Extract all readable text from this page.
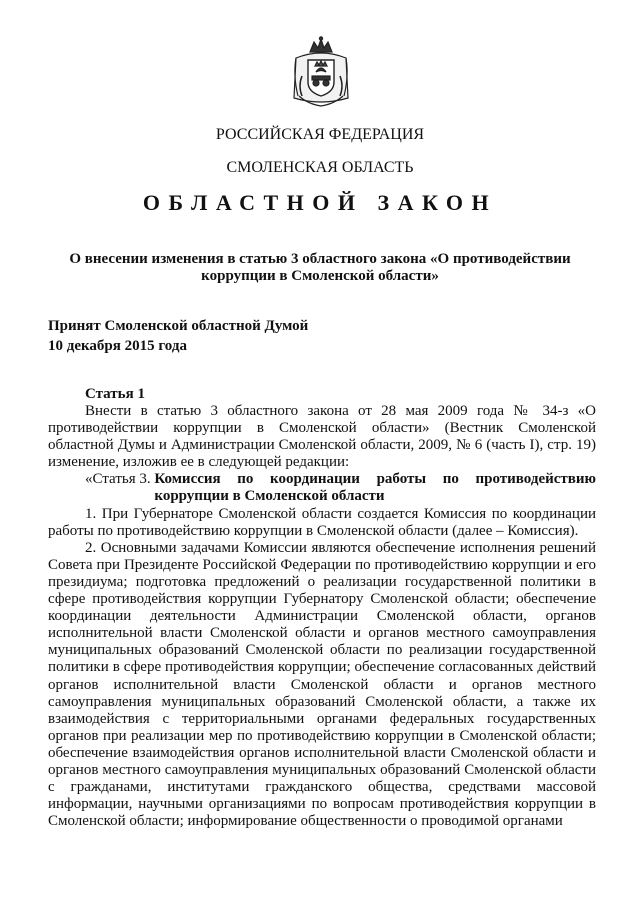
РОССИЙСКАЯ ФЕДЕРАЦИЯ
СМОЛЕНСКАЯ ОБЛАСТЬ
ОБЛАСТНОЙ ЗАКОН
О внесении изменения в статью 3 областного закона «О противодействии
коррупции в Смоленской области»
Принят Смоленской областной Думой
10 декабря 2015 года
Статья 1

Внести в статью 3 областного закона от 28 мая 2009 года № 34-з «О противодействии коррупции в Смоленской области» (Вестник Смоленской областной Думы и Администрации Смоленской области, 2009, № 6 (часть I), стр. 19) изменение, изложив ее в следующей редакции:

«Статья 3. Комиссия по координации работы по противодействию коррупции в Смоленской области

1. При Губернаторе Смоленской области создается Комиссия по координации работы по противодействию коррупции в Смоленской области (далее – Комиссия).

2. Основными задачами Комиссии являются обеспечение исполнения решений Совета при Президенте Российской Федерации по противодействию коррупции и его президиума; подготовка предложений о реализации государственной политики в сфере противодействия коррупции Губернатору Смоленской области; обеспечение координации деятельности Администрации Смоленской области, органов исполнительной власти Смоленской области и органов местного самоуправления муниципальных образований Смоленской области по реализации государственной политики в сфере противодействия коррупции; обеспечение согласованных действий органов исполнительной власти Смоленской области и органов местного самоуправления муниципальных образований Смоленской области, а также их взаимодействия с территориальными органами федеральных государственных органов при реализации мер по противодействию коррупции в Смоленской области; обеспечение взаимодействия органов исполнительной власти Смоленской области и органов местного самоуправления муниципальных образований Смоленской области с гражданами, институтами гражданского общества, средствами массовой информации, научными организациями по вопросам противодействия коррупции в Смоленской области; информирование общественности о проводимой органами
